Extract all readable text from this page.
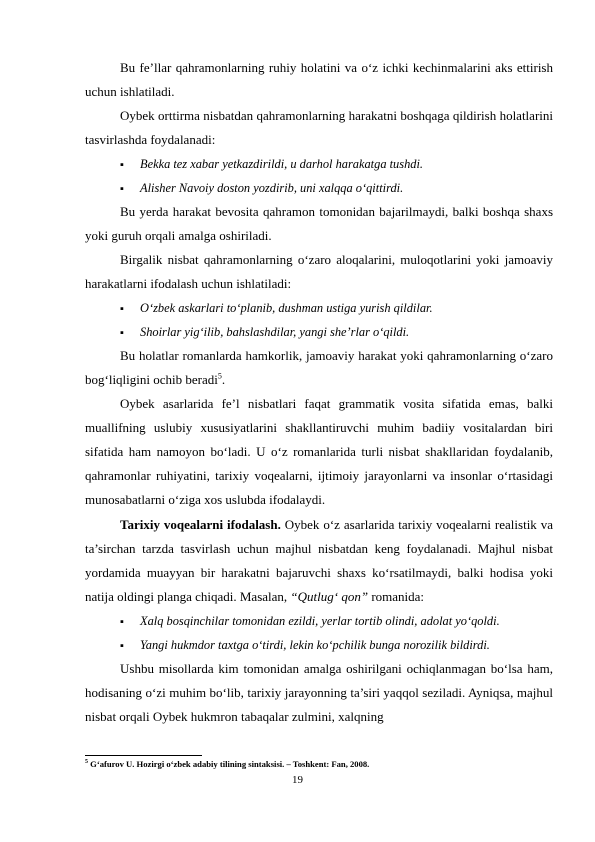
Bu fe’llar qahramonlarning ruhiy holatini va o‘z ichki kechinmalarini aks ettirish uchun ishlatiladi.

Oybek orttirma nisbatdan qahramonlarning harakatni boshqaga qildirish holatlarini tasvirlashda foydalanadi:

▪ Bekka tez xabar yetkazdirildi, u darhol harakatga tushdi.

▪ Alisher Navoiy doston yozdirib, uni xalqqa o‘qittirdi.

Bu yerda harakat bevosita qahramon tomonidan bajarilmaydi, balki boshqa shaxs yoki guruh orqali amalga oshiriladi.

Birgalik nisbat qahramonlarning o‘zaro aloqalarini, muloqotlarini yoki jamoaviy harakatlarni ifodalash uchun ishlatiladi:

▪ O‘zbek askarlari to‘planib, dushman ustiga yurish qildilar.

▪ Shoirlar yig‘ilib, bahslashdilar, yangi she’rlar o‘qildi.

Bu holatlar romanlarda hamkorlik, jamoaviy harakat yoki qahramonlarning o‘zaro bog‘liqligini ochib beradi$^5$.

Oybek asarlarida fe’l nisbatlari faqat grammatik vosita sifatida emas, balki muallifning uslubiy xususiyatlarini shakllantiruvchi muhim badiiy vositalardan biri sifatida ham namoyon bo‘ladi. U o‘z romanlarida turli nisbat shakllaridan foydalanib, qahramonlar ruhiyatini, tarixiy voqealarni, ijtimoiy jarayonlarni va insonlar o‘rtasidagi munosabatlarni o‘ziga xos uslubda ifodalaydi.

Tarixiy voqealarni ifodalash. Oybek o‘z asarlarida tarixiy voqealarni realistik va ta’sirchan tarzda tasvirlash uchun majhul nisbatdan keng foydalanadi. Majhul nisbat yordamida muayyan bir harakatni bajaruvchi shaxs ko‘rsatilmaydi, balki hodisa yoki natija oldingi planga chiqadi. Masalan, “Qutlug‘ qon” romanida:

▪ Xalq bosqinchilar tomonidan ezildi, yerlar tortib olindi, adolat yo‘qoldi.

▪ Yangi hukmdor taxtga o‘tirdi, lekin ko‘pchilik bunga norozilik bildirdi.

Ushbu misollarda kim tomonidan amalga oshirilgani ochiqlanmagan bo‘lsa ham, hodisaning o‘zi muhim bo‘lib, tarixiy jarayonning ta’siri yaqqol seziladi. Ayniqsa, majhul nisbat orqali Oybek hukmron tabaqalar zulmini, xalqning

$^5$ G‘afurov U. Hozirgi o‘zbek adabiy tilining sintaksisi. – Toshkent: Fan, 2008.
19
